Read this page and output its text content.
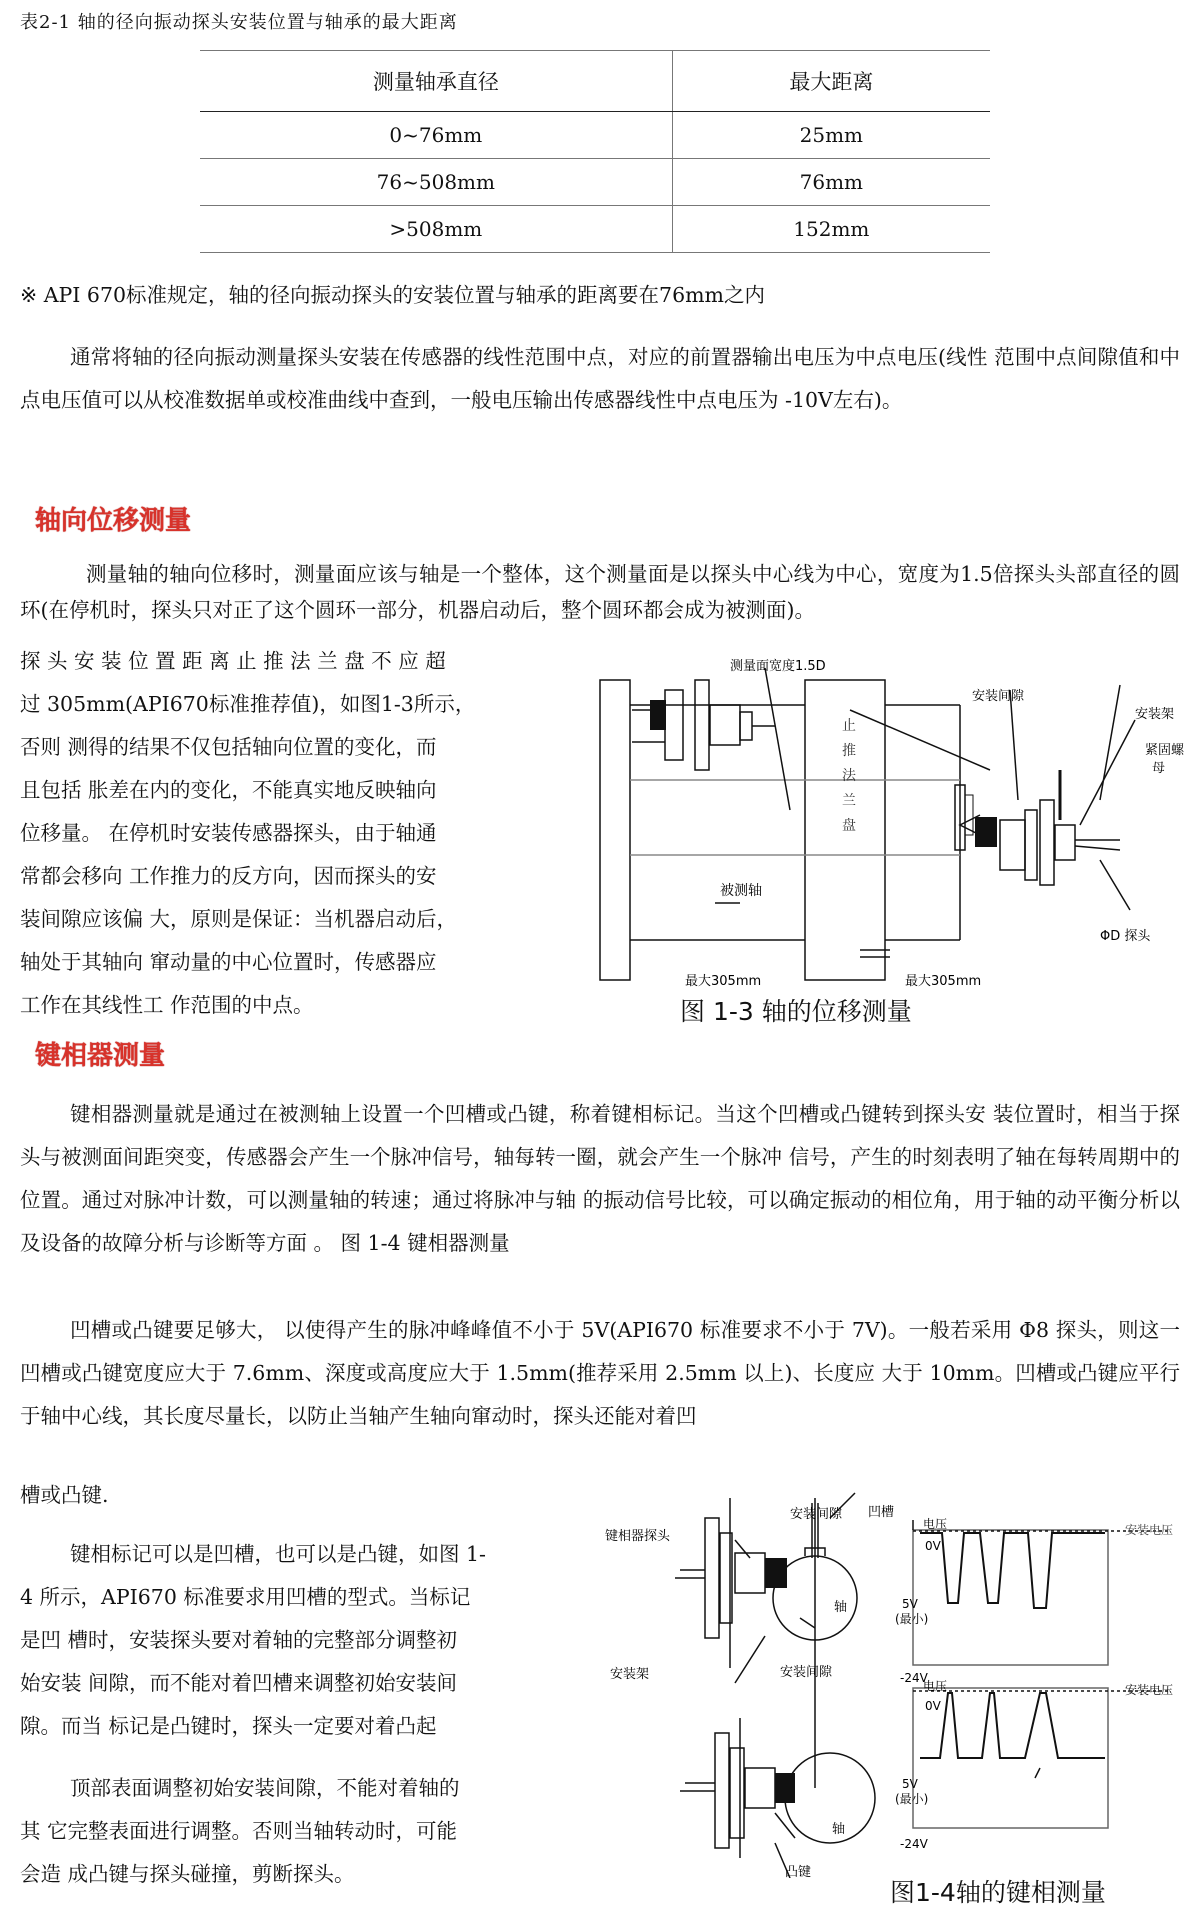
表2-1 轴的径向振动探头安装位置与轴承的最大距离
测量轴承直径	最大距离
0~76mm	25mm
76~508mm	76mm
>508mm	152mm
※ API 670标准规定，轴的径向振动探头的安装位置与轴承的距离要在76mm之内
通常将轴的径向振动测量探头安装在传感器的线性范围中点，对应的前置器输出电压为中点电压(线性 范围中点间隙值和中点电压值可以从校准数据单或校准曲线中查到，一般电压输出传感器线性中点电压为 -10V左右)。
轴向位移测量
测量轴的轴向位移时，测量面应该与轴是一个整体，这个测量面是以探头中心线为中心，宽度为1.5倍探头头部直径的圆环(在停机时，探头只对正了这个圆环一部分，机器启动后，整个圆环都会成为被测面)。
探 头 安 装 位 置 距 离 止 推 法 兰 盘 不 应 超
过 305mm(API670标准推荐值)，如图1-3所示，
否则 测得的结果不仅包括轴向位置的变化，而
且包括 胀差在内的变化，不能真实地反映轴向
位移量。 在停机时安装传感器探头，由于轴通
常都会移向 工作推力的反方向，因而探头的安
装间隙应该偏 大，原则是保证：当机器启动后，
轴处于其轴向 窜动量的中心位置时，传感器应
工作在其线性工 作范围的中点。
测量面宽度1.5D
安装间隙
安装架
紧固螺
母
止
推
法
兰
盘
被测轴
最大305mm	最大305mm
ΦD 探头
图 1-3 轴的位移测量
键相器测量
键相器测量就是通过在被测轴上设置一个凹槽或凸键，称着键相标记。当这个凹槽或凸键转到探头安 装位置时，相当于探头与被测面间距突变，传感器会产生一个脉冲信号，轴每转一圈，就会产生一个脉冲 信号，产生的时刻表明了轴在每转周期中的位置。通过对脉冲计数，可以测量轴的转速；通过将脉冲与轴 的振动信号比较，可以确定振动的相位角，用于轴的动平衡分析以及设备的故障分析与诊断等方面 。 图 1-4 键相器测量
凹槽或凸键要足够大， 以使得产生的脉冲峰峰值不小于 5V(API670 标准要求不小于 7V)。一般若采用 Φ8 探头，则这一凹槽或凸键宽度应大于 7.6mm、深度或高度应大于 1.5mm(推荐采用 2.5mm 以上)、长度应 大于 10mm。凹槽或凸键应平行于轴中心线，其长度尽量长，以防止当轴产生轴向窜动时，探头还能对着凹
槽或凸键.
键相标记可以是凹槽，也可以是凸键，如图 1-
4 所示，API670 标准要求用凹槽的型式。当标记
是凹 槽时，安装探头要对着轴的完整部分调整初
始安装 间隙，而不能对着凹槽来调整初始安装间
隙。而当 标记是凸键时，探头一定要对着凸起
顶部表面调整初始安装间隙，不能对着轴的
其 它完整表面进行调整。否则当轴转动时，可能
会造 成凸键与探头碰撞，剪断探头。
安装间隙 凹槽
键相器探头
轴
安装架	安装间隙
轴
凸键
电压	安装电压
0V
5V
(最小)
-24V
电压	安装电压
0V
5V
(最小)
-24V
图1-4轴的键相测量
